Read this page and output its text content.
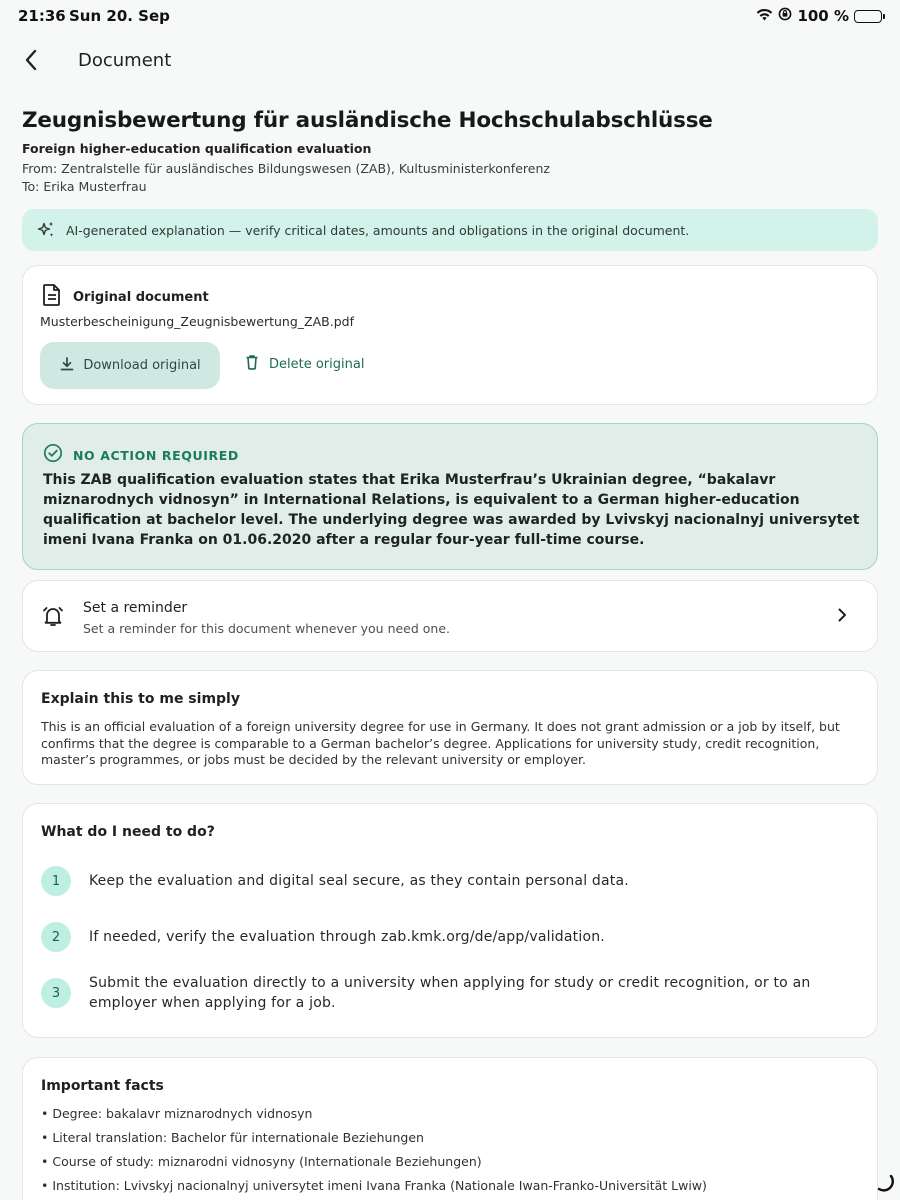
21:36 Sun 20. Sep	100 %
Document
Zeugnisbewertung für ausländische Hochschulabschlüsse
Foreign higher-education qualification evaluation
From: Zentralstelle für ausländisches Bildungswesen (ZAB), Kultusministerkonferenz
To: Erika Musterfrau
AI-generated explanation — verify critical dates, amounts and obligations in the original document.
Original document
Musterbescheinigung_Zeugnisbewertung_ZAB.pdf
Download original	Delete original
NO ACTION REQUIRED
This ZAB qualification evaluation states that Erika Musterfrau’s Ukrainian degree, “bakalavr miznarodnych vidnosyn” in International Relations, is equivalent to a German higher-education qualification at bachelor level. The underlying degree was awarded by Lvivskyj nacionalnyj universytet imeni Ivana Franka on 01.06.2020 after a regular four-year full-time course.
Set a reminder
Set a reminder for this document whenever you need one.
Explain this to me simply
This is an official evaluation of a foreign university degree for use in Germany. It does not grant admission or a job by itself, but confirms that the degree is comparable to a German bachelor’s degree. Applications for university study, credit recognition, master’s programmes, or jobs must be decided by the relevant university or employer.
What do I need to do?
1	Keep the evaluation and digital seal secure, as they contain personal data.
2	If needed, verify the evaluation through zab.kmk.org/de/app/validation.
3
Submit the evaluation directly to a university when applying for study or credit recognition, or to an employer when applying for a job.
Important facts
• Degree: bakalavr miznarodnych vidnosyn
• Literal translation: Bachelor für internationale Beziehungen
• Course of study: miznarodni vidnosyny (Internationale Beziehungen)
• Institution: Lvivskyj nacionalnyj universytet imeni Ivana Franka (Nationale Iwan-Franko-Universität Lwiw)
